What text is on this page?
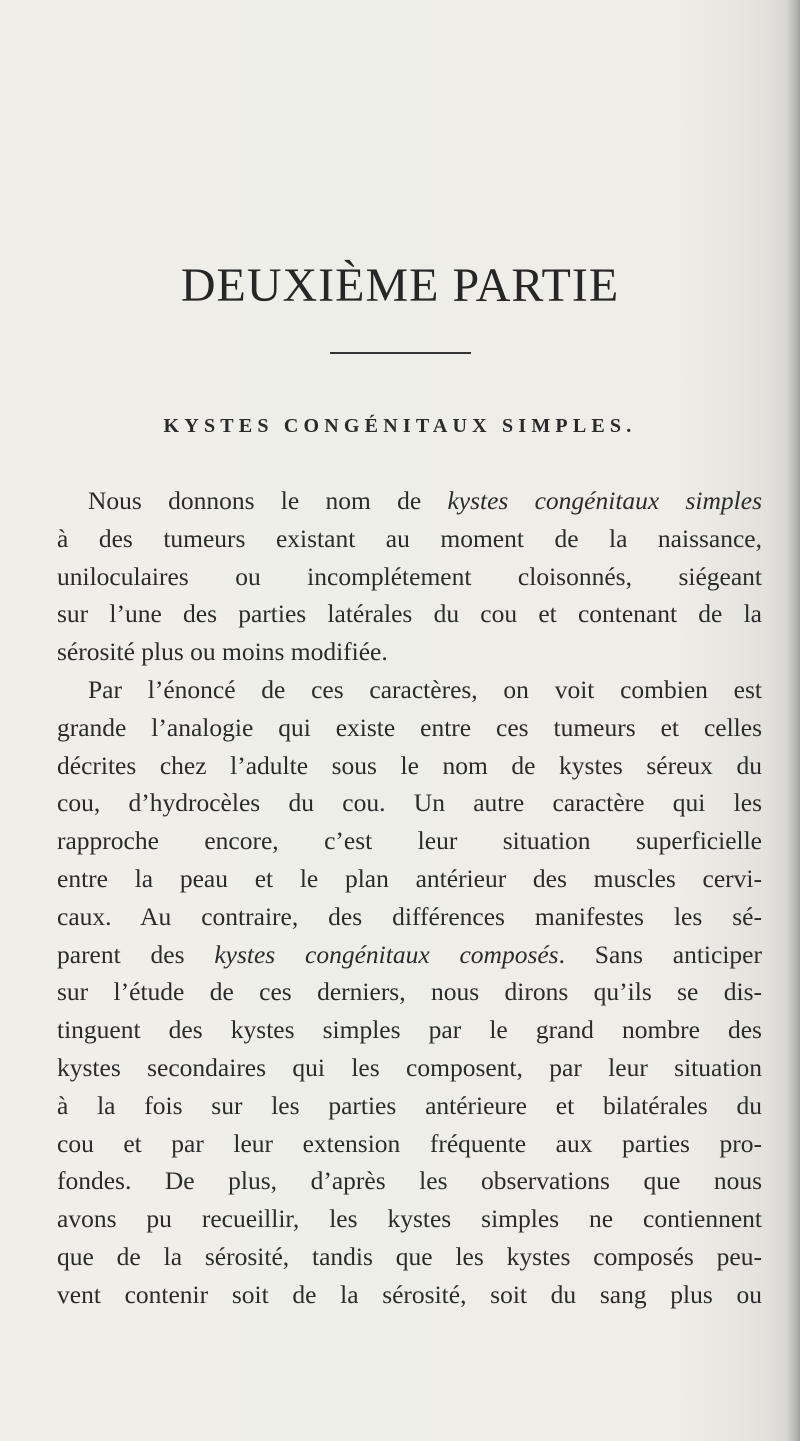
DEUXIÈME PARTIE
KYSTES CONGÉNITAUX SIMPLES.
Nous donnons le nom de kystes congénitaux simples
à des tumeurs existant au moment de la naissance,
uniloculaires ou incomplétement cloisonnés, siégeant
sur l’une des parties latérales du cou et contenant de la
sérosité plus ou moins modifiée.
Par l’énoncé de ces caractères, on voit combien est
grande l’analogie qui existe entre ces tumeurs et celles
décrites chez l’adulte sous le nom de kystes séreux du
cou, d’hydrocèles du cou. Un autre caractère qui les
rapproche encore, c’est leur situation superficielle
entre la peau et le plan antérieur des muscles cervi-
caux. Au contraire, des différences manifestes les sé-
parent des kystes congénitaux composés. Sans anticiper
sur l’étude de ces derniers, nous dirons qu’ils se dis-
tinguent des kystes simples par le grand nombre des
kystes secondaires qui les composent, par leur situation
à la fois sur les parties antérieure et bilatérales du
cou et par leur extension fréquente aux parties pro-
fondes. De plus, d’après les observations que nous
avons pu recueillir, les kystes simples ne contiennent
que de la sérosité, tandis que les kystes composés peu-
vent contenir soit de la sérosité, soit du sang plus ou
